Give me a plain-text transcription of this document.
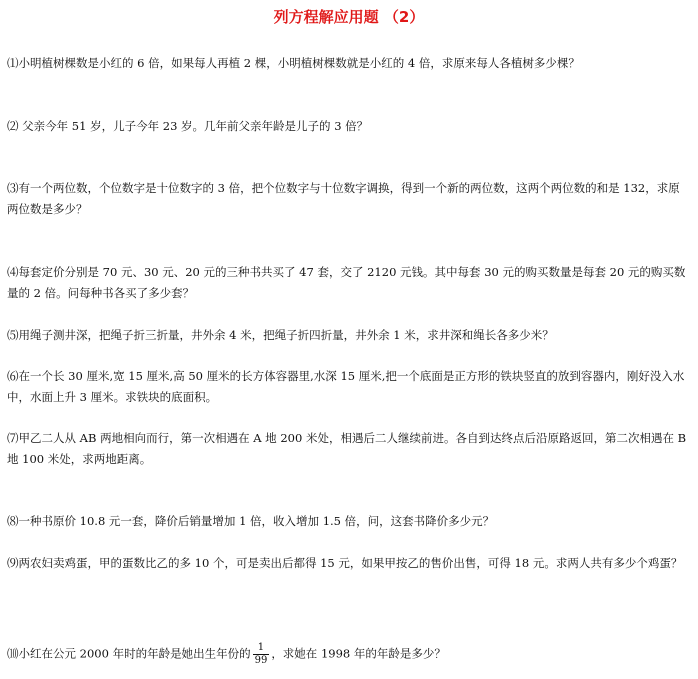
列方程解应用题 （2）
⑴小明植树棵数是小红的 6 倍，如果每人再植 2 棵，小明植树棵数就是小红的 4 倍，求原来每人各植树多少棵？
⑵ 父亲今年 51 岁，儿子今年 23 岁。几年前父亲年龄是儿子的 3 倍？
⑶有一个两位数，个位数字是十位数字的 3 倍，把个位数字与十位数字调换，得到一个新的两位数，这两个两位数的和是 132，求原两位数是多少？
⑷每套定价分别是 70 元、30 元、20 元的三种书共买了 47 套，交了 2120 元钱。其中每套 30 元的购买数量是每套 20 元的购买数量的 2 倍。问每种书各买了多少套？
⑸用绳子测井深，把绳子折三折量，井外余 4 米，把绳子折四折量，井外余 1 米，求井深和绳长各多少米？
⑹在一个长 30 厘米,宽 15 厘米,高 50 厘米的长方体容器里,水深 15 厘米,把一个底面是正方形的铁块竖直的放到容器内，刚好没入水中，水面上升 3 厘米。求铁块的底面积。
⑺甲乙二人从 AB 两地相向而行，第一次相遇在 A 地 200 米处，相遇后二人继续前进。各自到达终点后沿原路返回，第二次相遇在 B 地 100 米处，求两地距离。
⑻一种书原价 10.8 元一套，降价后销量增加 1 倍，收入增加 1.5 倍，问，这套书降价多少元？
⑼两农妇卖鸡蛋，甲的蛋数比乙的多 10 个，可是卖出后都得 15 元，如果甲按乙的售价出售，可得 18 元。求两人共有多少个鸡蛋？
⑽小红在公元 2000 年时的年龄是她出生年份的 $\frac{1}{99}$ ，求她在 1998 年的年龄是多少？
